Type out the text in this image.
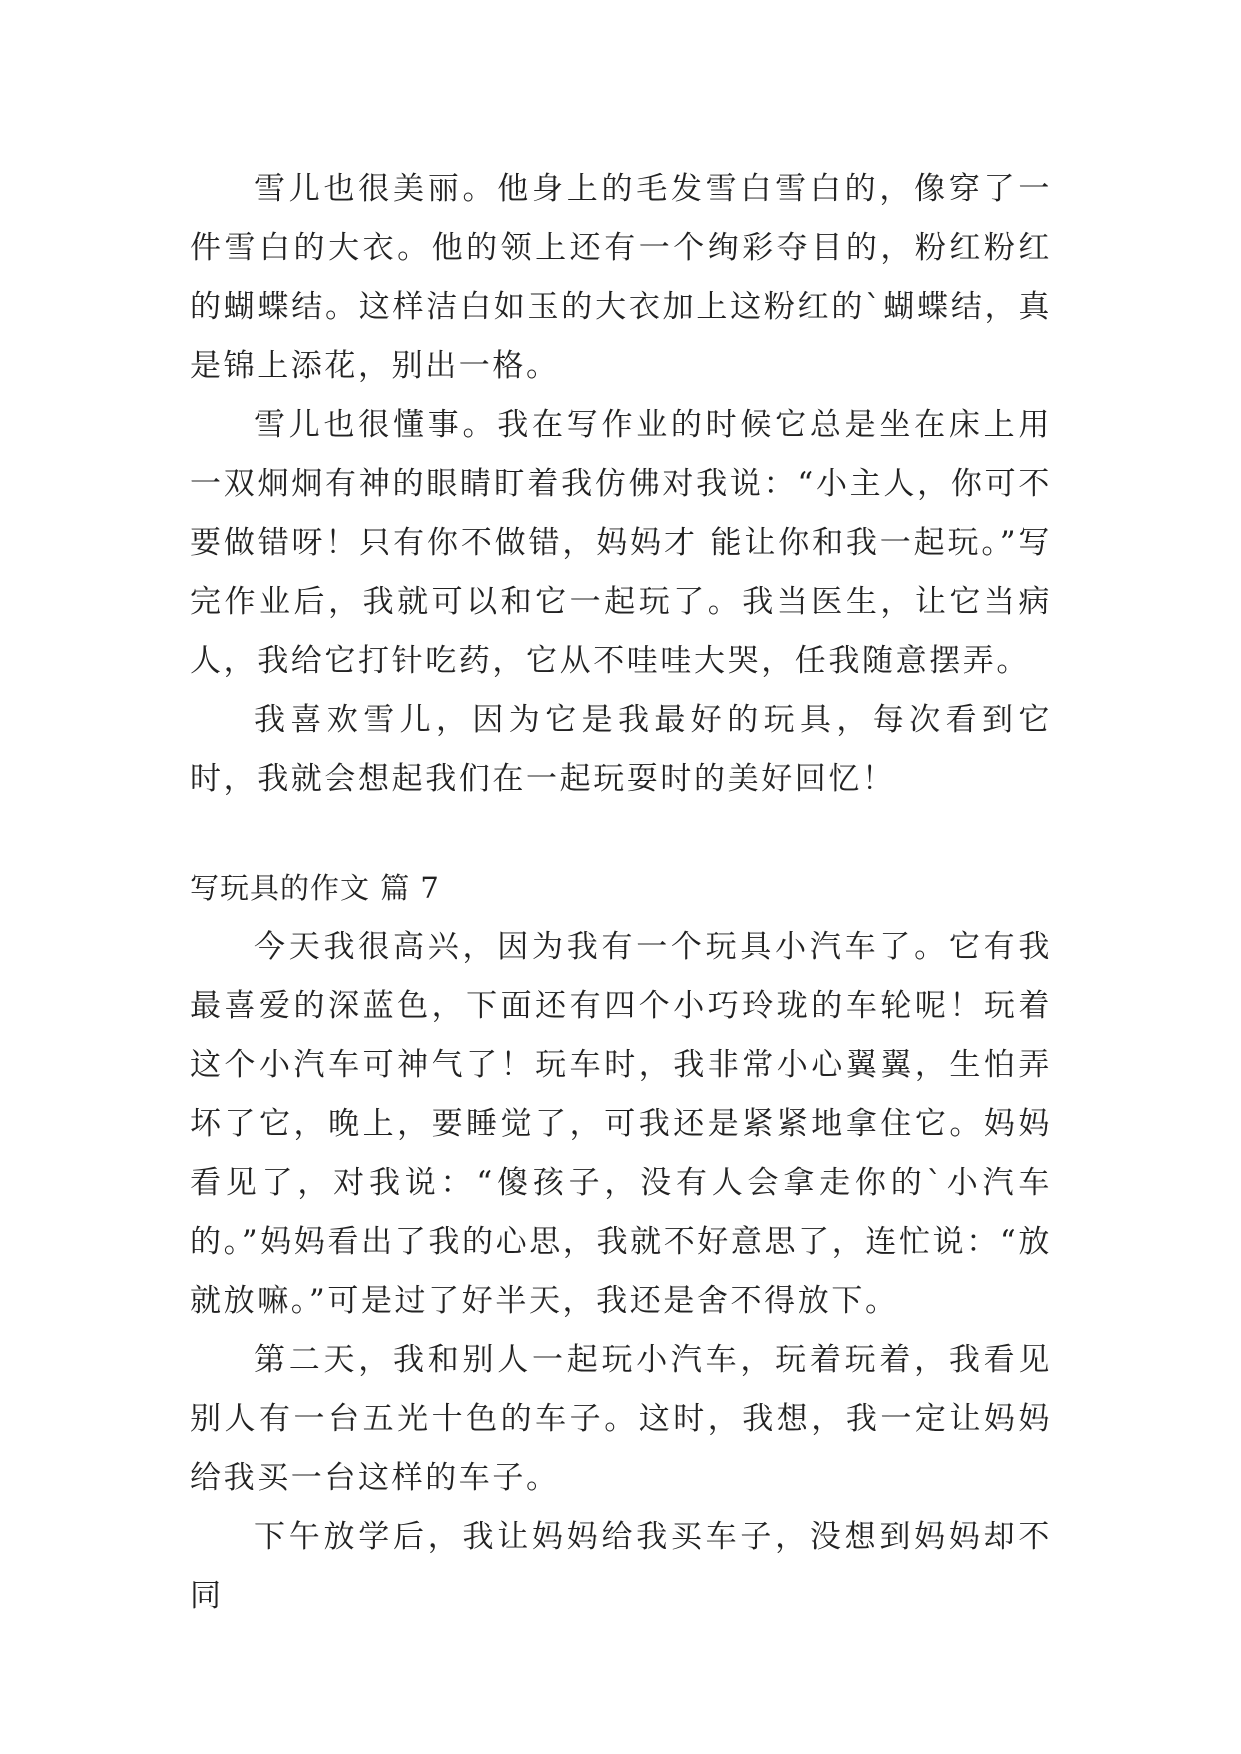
雪儿也很美丽。他身上的毛发雪白雪白的，像穿了一件雪白的大衣。他的领上还有一个绚彩夺目的，粉红粉红的蝴蝶结。这样洁白如玉的大衣加上这粉红的`蝴蝶结，真是锦上添花，别出一格。

雪儿也很懂事。我在写作业的时候它总是坐在床上用一双炯炯有神的眼睛盯着我仿佛对我说：“小主人，你可不要做错呀！只有你不做错，妈妈才 能让你和我一起玩。”写完作业后，我就可以和它一起玩了。我当医生，让它当病人，我给它打针吃药，它从不哇哇大哭，任我随意摆弄。

我喜欢雪儿，因为它是我最好的玩具，每次看到它时，我就会想起我们在一起玩耍时的美好回忆！

写玩具的作文 篇 7

今天我很高兴，因为我有一个玩具小汽车了。它有我最喜爱的深蓝色，下面还有四个小巧玲珑的车轮呢！玩着这个小汽车可神气了！玩车时，我非常小心翼翼，生怕弄坏了它，晚上，要睡觉了，可我还是紧紧地拿住它。妈妈看见了，对我说：“傻孩子，没有人会拿走你的`小汽车的。”妈妈看出了我的心思，我就不好意思了，连忙说：“放就放嘛。”可是过了好半天，我还是舍不得放下。

第二天，我和别人一起玩小汽车，玩着玩着，我看见别人有一台五光十色的车子。这时，我想，我一定让妈妈给我买一台这样的车子。

下午放学后，我让妈妈给我买车子，没想到妈妈却不同
